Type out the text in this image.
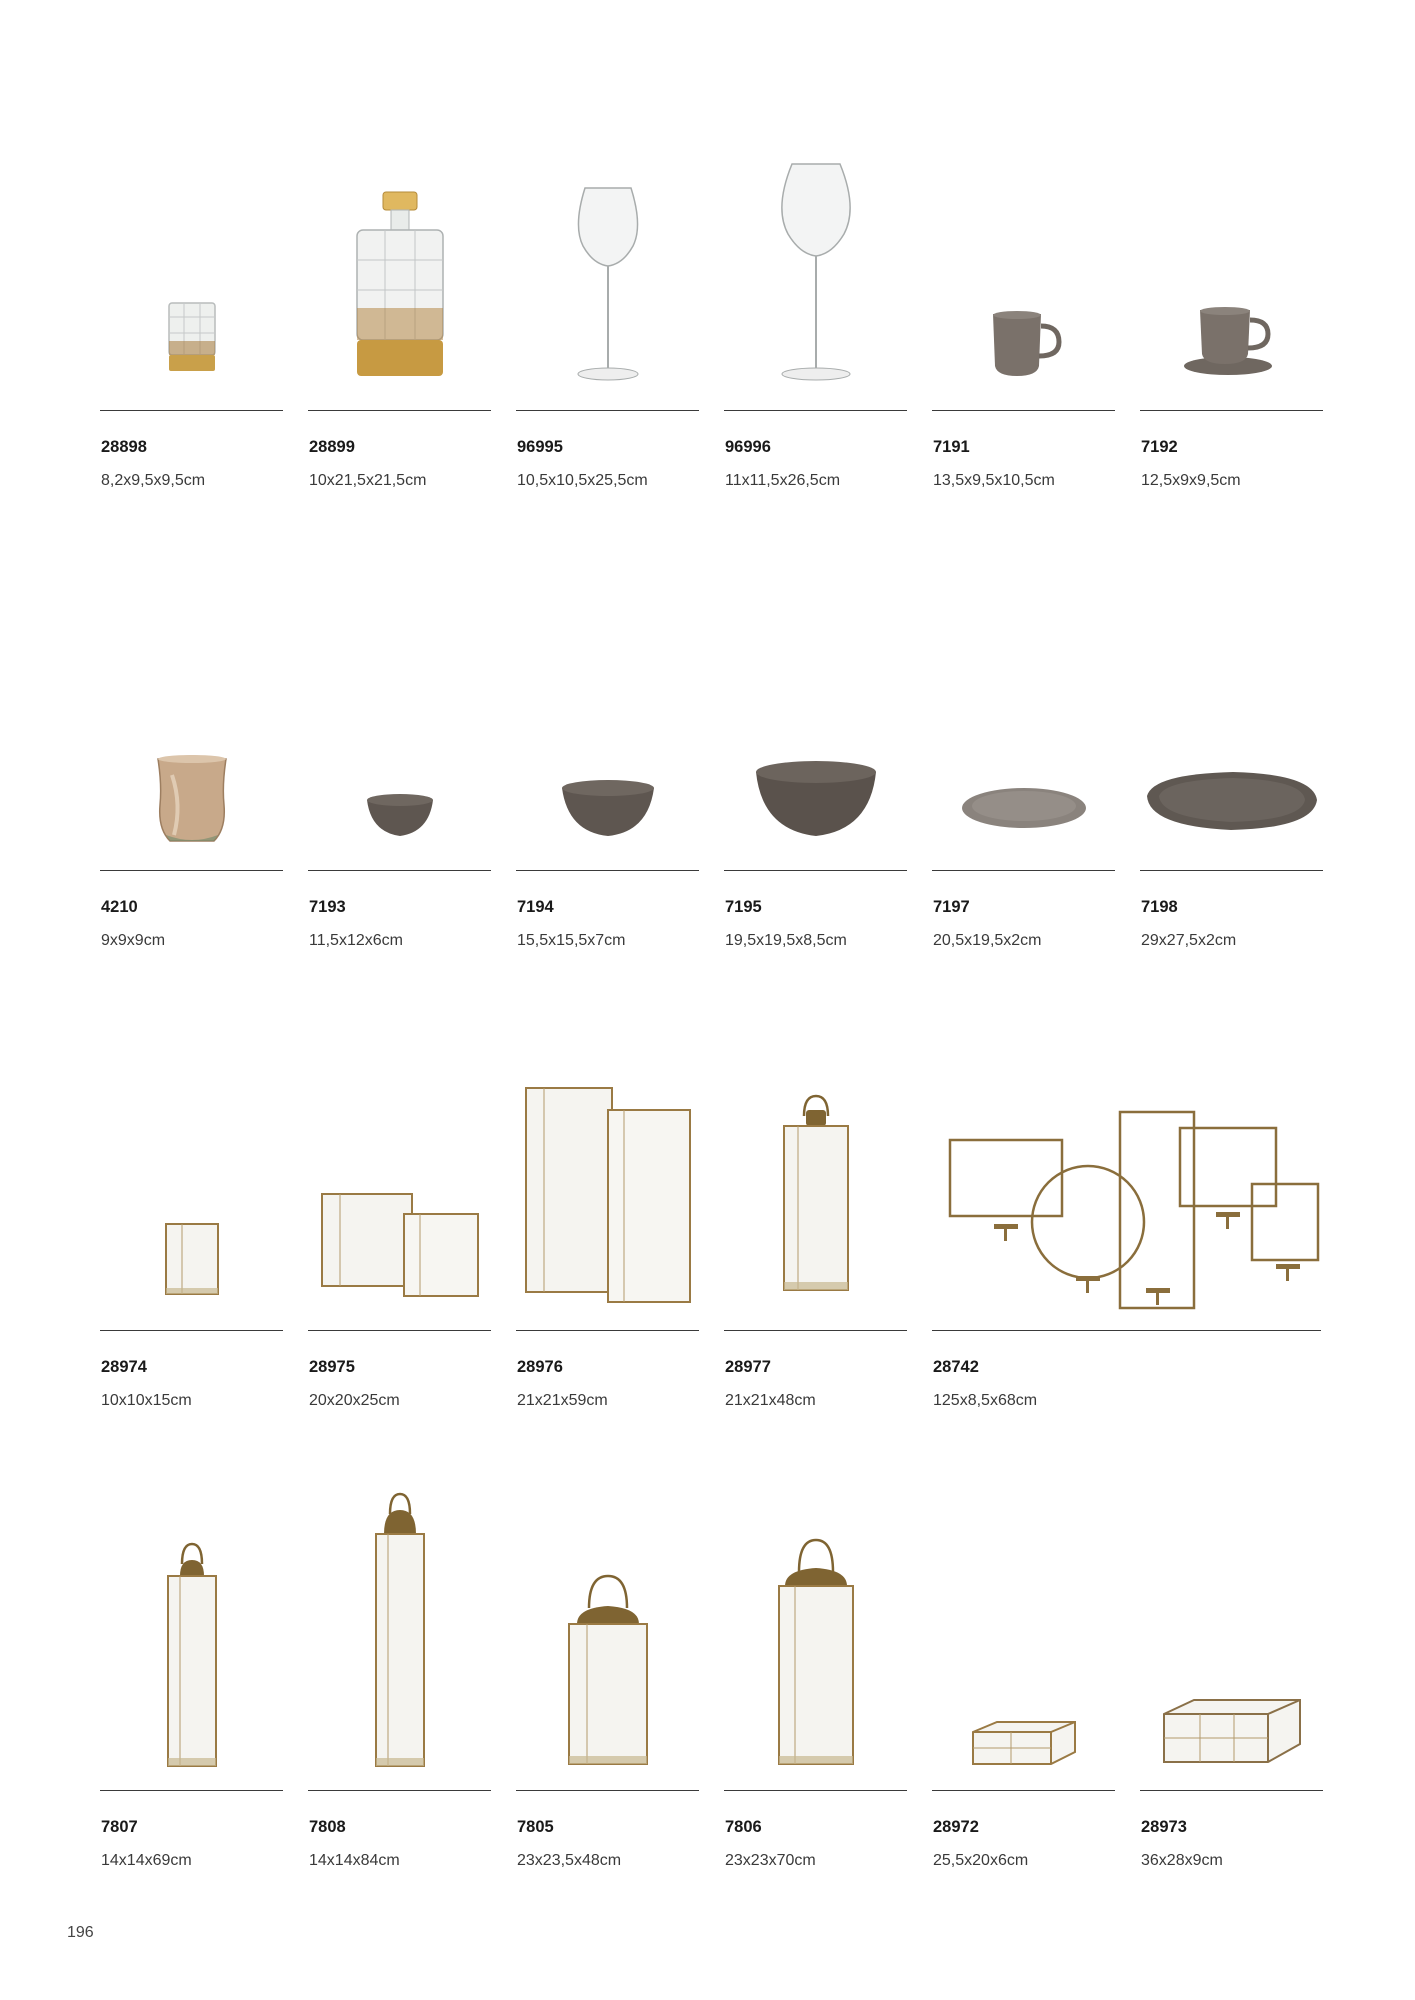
28898
8,2x9,5x9,5cm
28899
10x21,5x21,5cm
96995
10,5x10,5x25,5cm
96996
11x11,5x26,5cm
7191
13,5x9,5x10,5cm
7192
12,5x9x9,5cm
4210
9x9x9cm
7193
11,5x12x6cm
7194
15,5x15,5x7cm
7195
19,5x19,5x8,5cm
7197
20,5x19,5x2cm
7198
29x27,5x2cm
28974
10x10x15cm
28975
20x20x25cm
28976
21x21x59cm
28977
21x21x48cm
28742
125x8,5x68cm
7807
14x14x69cm
7808
14x14x84cm
7805
23x23,5x48cm
7806
23x23x70cm
28972
25,5x20x6cm
28973
36x28x9cm
196
